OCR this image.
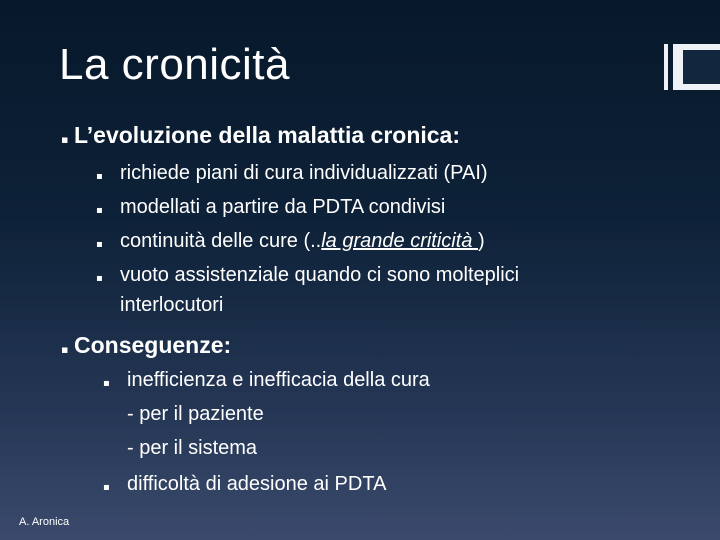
La cronicità
▪ L’evoluzione della malattia cronica:
▪ richiede piani di cura individualizzati (PAI)
▪ modellati a partire da PDTA condivisi
▪ continuità delle cure (.. la grande criticità )
▪ vuoto assistenziale quando ci sono molteplici
interlocutori
▪ Conseguenze:
▪ inefficienza e inefficacia della cura
- per il paziente
- per il sistema
▪ difficoltà di adesione ai PDTA
A. Aronica
